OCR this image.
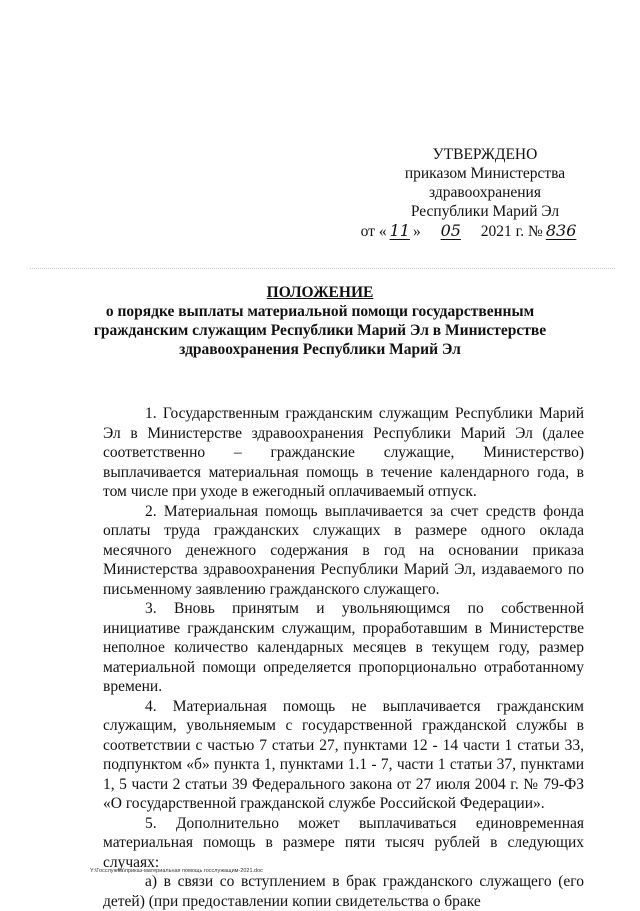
УТВЕРЖДЕНО
приказом Министерства
здравоохранения
Республики Марий Эл
от « 11 » 05 2021 г. № 836
ПОЛОЖЕНИЕ
о порядке выплаты материальной помощи государственным гражданским служащим Республики Марий Эл в Министерстве здравоохранения Республики Марий Эл

1. Государственным гражданским служащим Республики Марий Эл в Министерстве здравоохранения Республики Марий Эл (далее соответственно – гражданские служащие, Министерство) выплачивается материальная помощь в течение календарного года, в том числе при уходе в ежегодный оплачиваемый отпуск.

2. Материальная помощь выплачивается за счет средств фонда оплаты труда гражданских служащих в размере одного оклада месячного денежного содержания в год на основании приказа Министерства здравоохранения Республики Марий Эл, издаваемого по письменному заявлению гражданского служащего.

3. Вновь принятым и увольняющимся по собственной инициативе гражданским служащим, проработавшим в Министерстве неполное количество календарных месяцев в текущем году, размер материальной помощи определяется пропорционально отработанному времени.

4. Материальная помощь не выплачивается гражданским служащим, увольняемым с государственной гражданской службы в соответствии с частью 7 статьи 27, пунктами 12 - 14 части 1 статьи 33, подпунктом «б» пункта 1, пунктами 1.1 - 7, части 1 статьи 37, пунктами 1, 5 части 2 статьи 39 Федерального закона от 27 июля 2004 г. № 79-ФЗ «О государственной гражданской службе Российской Федерации».

5. Дополнительно может выплачиваться единовременная материальная помощь в размере пяти тысяч рублей в следующих случаях:

а) в связи со вступлением в брак гражданского служащего (его детей) (при предоставлении копии свидетельства о браке

Y:\Госслужба\приказ-материальная помощь госслужащим-2021.doc
